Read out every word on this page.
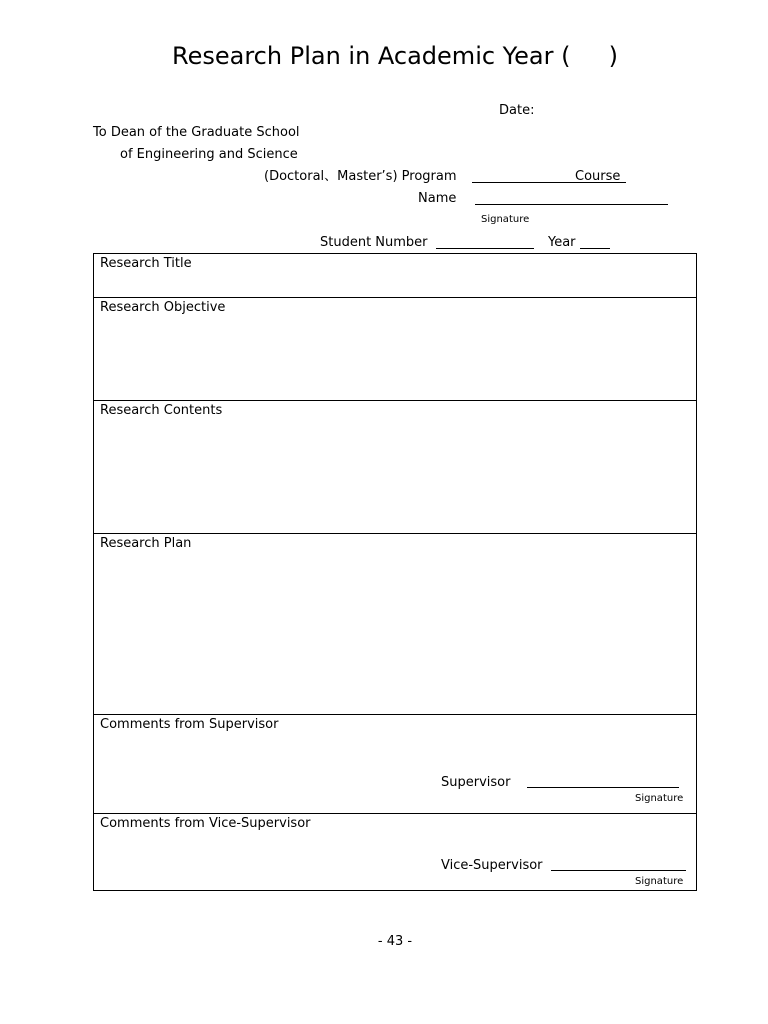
Research Plan in Academic Year (     )
Date:
To Dean of the Graduate School
of Engineering and Science
(Doctoral、Master’s) Program	Course
Name
Signature
Student Number	Year
Research Title

Research Objective

Research Contents

Research Plan

Comments from Supervisor
Supervisor
Signature

Comments from Vice-Supervisor
Vice-Supervisor
Signature
- 43 -
